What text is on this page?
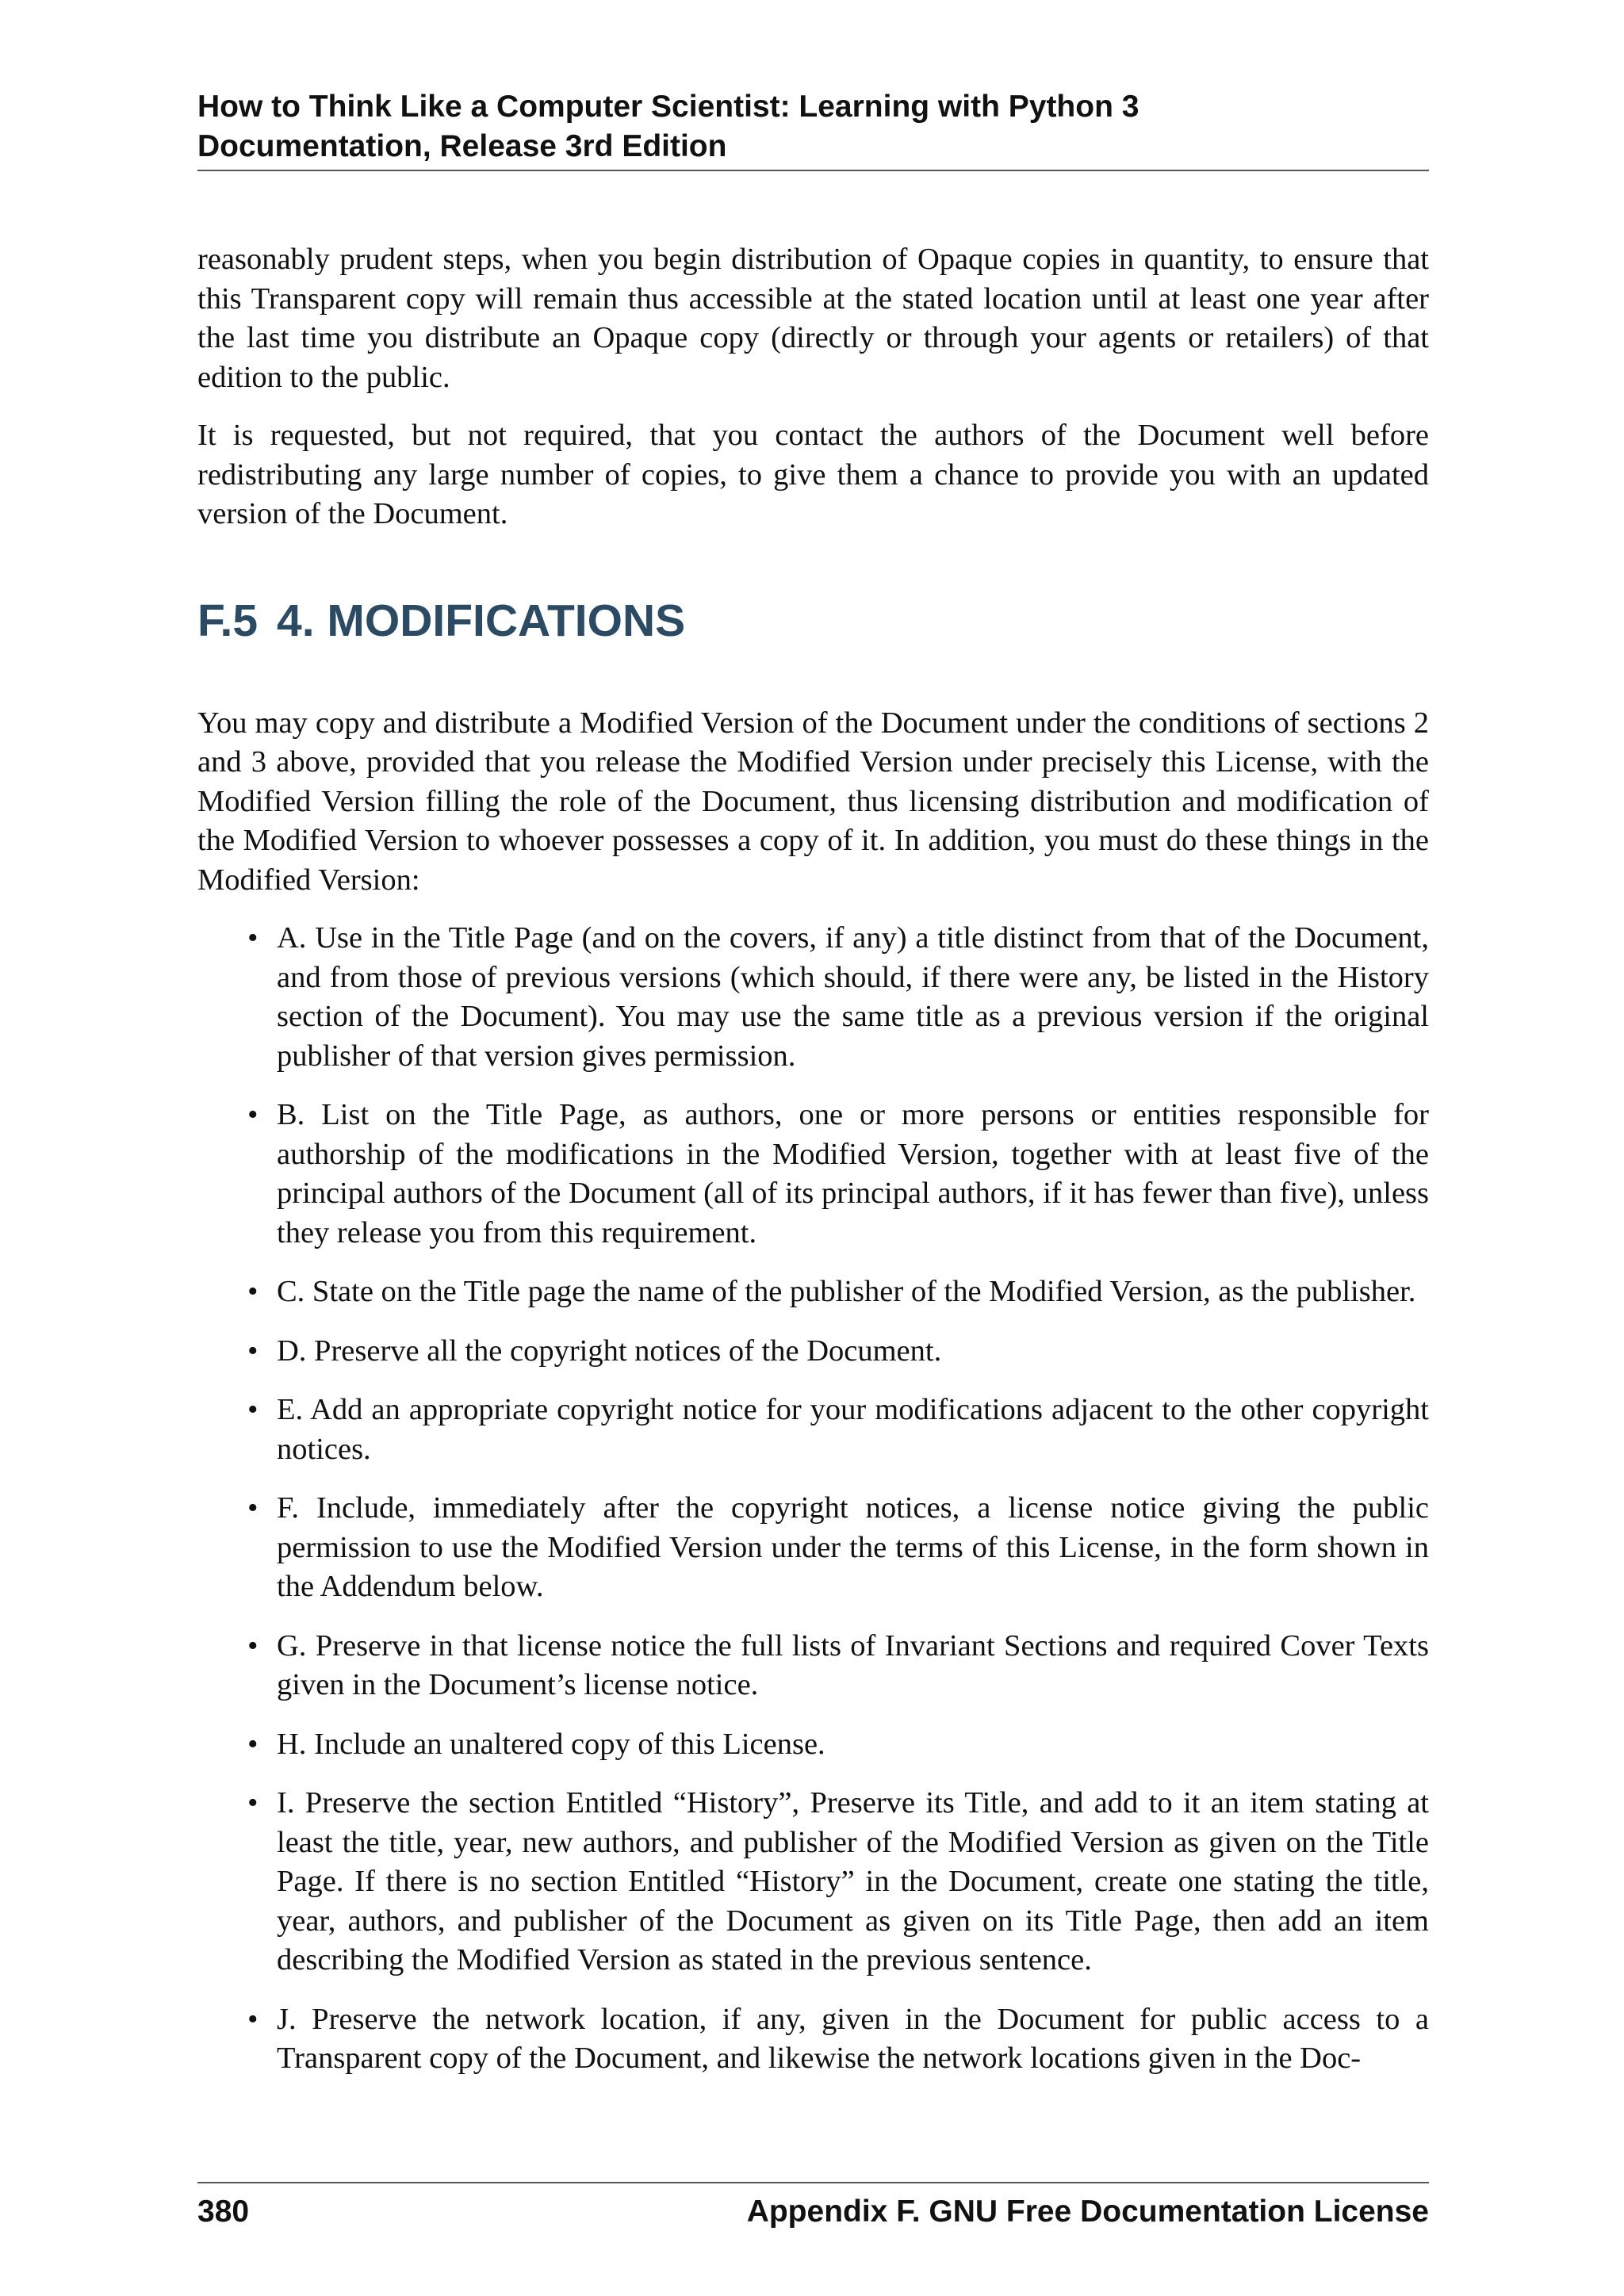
How to Think Like a Computer Scientist: Learning with Python 3
Documentation, Release 3rd Edition

reasonably prudent steps, when you begin distribution of Opaque copies in quantity, to ensure that this Transparent copy will remain thus accessible at the stated location until at least one year after the last time you distribute an Opaque copy (directly or through your agents or retailers) of that edition to the public.

It is requested, but not required, that you contact the authors of the Document well before redistributing any large number of copies, to give them a chance to provide you with an updated version of the Document.

F.5 4. MODIFICATIONS

You may copy and distribute a Modified Version of the Document under the conditions of sections 2 and 3 above, provided that you release the Modified Version under precisely this License, with the Modified Version filling the role of the Document, thus licensing distribution and modification of the Modified Version to whoever possesses a copy of it. In addition, you must do these things in the Modified Version:

• A. Use in the Title Page (and on the covers, if any) a title distinct from that of the Document, and from those of previous versions (which should, if there were any, be listed in the History section of the Document). You may use the same title as a previous version if the original publisher of that version gives permission.
• B. List on the Title Page, as authors, one or more persons or entities responsible for authorship of the modifications in the Modified Version, together with at least five of the principal authors of the Document (all of its principal authors, if it has fewer than five), unless they release you from this requirement.
• C. State on the Title page the name of the publisher of the Modified Version, as the publisher.
• D. Preserve all the copyright notices of the Document.
• E. Add an appropriate copyright notice for your modifications adjacent to the other copyright notices.
• F. Include, immediately after the copyright notices, a license notice giving the public permission to use the Modified Version under the terms of this License, in the form shown in the Addendum below.
• G. Preserve in that license notice the full lists of Invariant Sections and required Cover Texts given in the Document’s license notice.
• H. Include an unaltered copy of this License.
• I. Preserve the section Entitled “History”, Preserve its Title, and add to it an item stating at least the title, year, new authors, and publisher of the Modified Version as given on the Title Page. If there is no section Entitled “History” in the Document, create one stating the title, year, authors, and publisher of the Document as given on its Title Page, then add an item describing the Modified Version as stated in the previous sentence.
• J. Preserve the network location, if any, given in the Document for public access to a Transparent copy of the Document, and likewise the network locations given in the Doc-
380	Appendix F. GNU Free Documentation License
